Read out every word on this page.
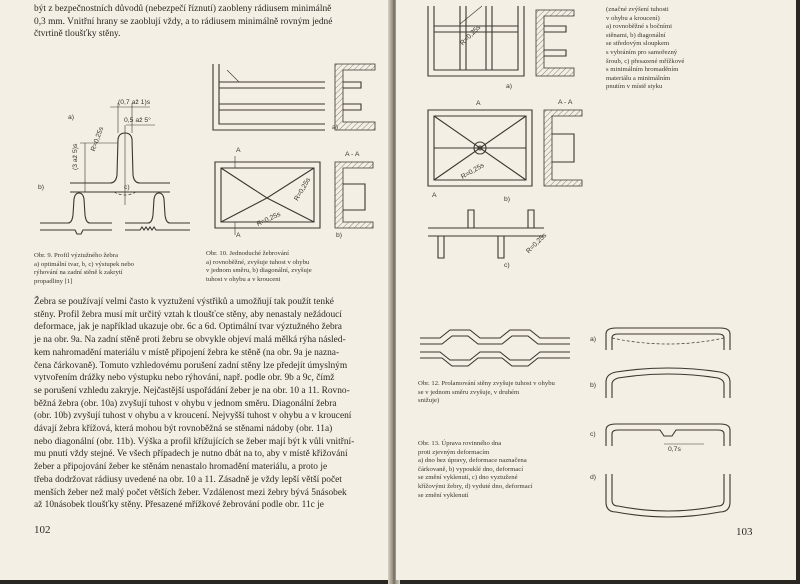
být z bezpečnostních důvodů (nebezpečí říznutí) zaobleny rádiusem minimálně
0,3 mm. Vnitřní hrany se zaoblují vždy, a to rádiusem minimálně rovným jedné
čtvrtině tloušťky stěny.
(0,7 až 1)s
0,5 až 5°
R=0,25s
(3 až 5)s
a)
b)	c)
Obr. 9. Profil výztužného žebra
a) optimální tvar, b, c) výstupek nebo
rýhování na zadní stěně k zakrytí
propadliny [1]
a)
A
A - A
A	b)
R=0,25s
R=0,25s
Obr. 10. Jednoduché žebrování
a) rovnoběžné, zvyšuje tuhost v ohybu
v jednom směru, b) diagonální, zvyšuje
tuhost v ohybu a v krouceni
Žebra se používají velmi často k vyztužení výstřiků a umožňují tak použít tenké
stěny. Profil žebra musí mít určitý vztah k tloušťce stěny, aby nenastaly nežádoucí
deformace, jak je například ukazuje obr. 6c a 6d. Optimální tvar výztužného žebra
je na obr. 9a. Na zadní stěně proti žebru se obvykle objeví malá mělká rýha násled-
kem nahromadění materiálu v místě připojení žebra ke stěně (na obr. 9a je nazna-
čena čárkovaně). Tomuto vzhledovému porušení zadní stěny lze předejít úmyslným
vytvořením drážky nebo výstupku nebo rýhování, např. podle obr. 9b a 9c, čímž
se porušení vzhledu zakryje. Nejčastější uspořádání žeber je na obr. 10 a 11. Rovno-
běžná žebra (obr. 10a) zvyšují tuhost v ohybu v jednom směru. Diagonální žebra
(obr. 10b) zvyšují tuhost v ohybu a v kroucení. Nejvyšší tuhost v ohybu a v kroucení
dávají žebra křížová, která mohou být rovnoběžná se stěnami nádoby (obr. 11a)
nebo diagonální (obr. 11b). Výška a profil křížujících se žeber mají být k vůli vnitřní-
mu pnutí vždy stejné. Ve všech případech je nutno dbát na to, aby v místě křižování
žeber a připojování žeber ke stěnám nenastalo hromadění materiálu, a proto je
třeba dodržovat rádiusy uvedené na obr. 10 a 11. Zásadně je vždy lepší větší počet
menších žeber než malý počet větších žeber. Vzdálenost mezi žebry bývá 5násobek
až 10násobek tloušťky stěny. Přesazené mřížkové žebrování podle obr. 11c je
102
a)
R=0,25s
A	A - A
R=0,25s
A
b)
R=0,25s
c)
(značné zvýšení tuhosti
v ohybu a kroucení)
a) rovnoběžné s bočními
stěnami, b) diagonální
se středovým sloupkem
s vybráním pro samořezný
šroub, c) přesazené mřížkové
s minimálním hromaděním
materiálu a minimálním
pnutím v místě styku
Obr. 12. Prolamování stěny zvyšuje tuhost v ohybu
se v jednom směru zvyšuje, v druhém
snižuje)
a)
b)
c)
0,7s
d)
Obr. 13. Úprava rovinného dna
proti zjevným deformacím
a) dno bez úpravy, deformace naznačena
čárkovaně, b) vypouklé dno, deformací
se změní vyklenutí, c) dno vyztužené
křížovými žebry, d) vyduté dno, deformací
se změní vyklenutí
103
